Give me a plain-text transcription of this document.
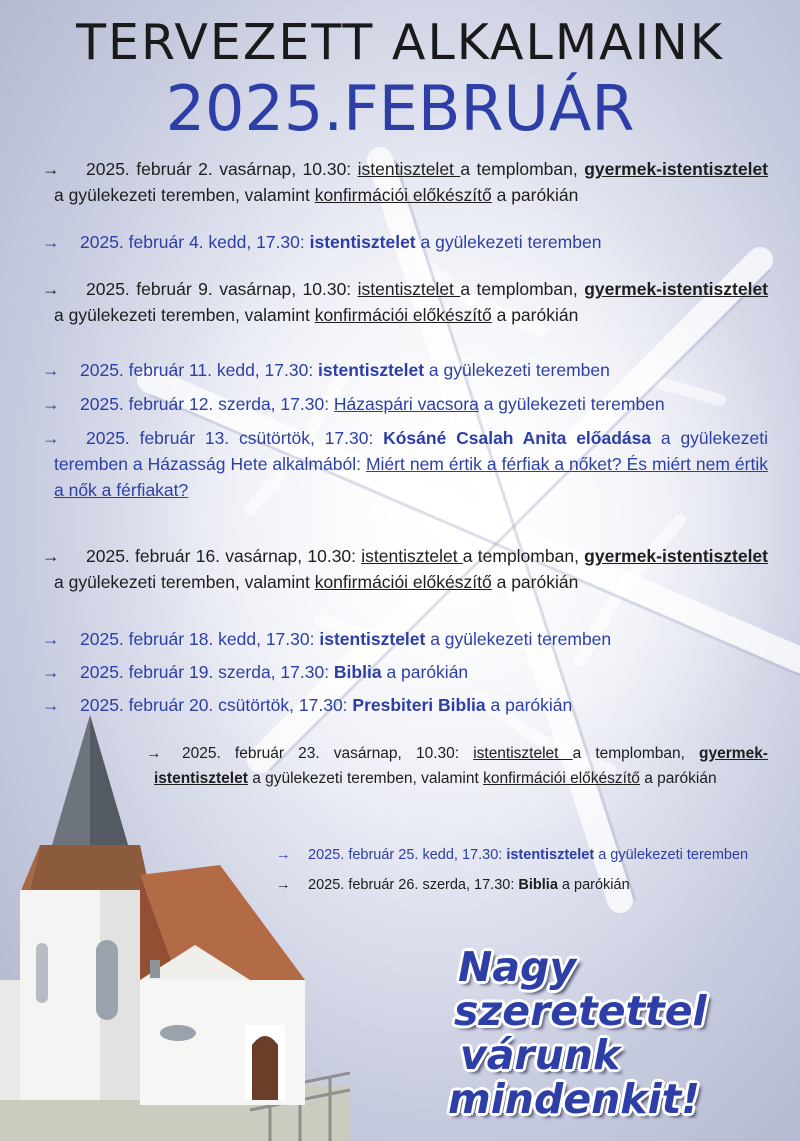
TERVEZETT ALKALMAINK
2025.FEBRUÁR
→ 2025. február 2. vasárnap, 10.30: istentisztelet a templomban, gyermek-istentisztelet a gyülekezeti teremben, valamint konfirmációi előkészítő a parókián
→ 2025. február 4. kedd, 17.30: istentisztelet a gyülekezeti teremben
→ 2025. február 9. vasárnap, 10.30: istentisztelet a templomban, gyermek-istentisztelet a gyülekezeti teremben, valamint konfirmációi előkészítő a parókián
→ 2025. február 11. kedd, 17.30: istentisztelet a gyülekezeti teremben
→ 2025. február 12. szerda, 17.30: Házaspári vacsora a gyülekezeti teremben
→ 2025. február 13. csütörtök, 17.30: Kósáné Csalah Anita előadása a gyülekezeti teremben a Házasság Hete alkalmából: Miért nem értik a férfiak a nőket? És miért nem értik a nők a férfiakat?
→ 2025. február 16. vasárnap, 10.30: istentisztelet a templomban, gyermek-istentisztelet a gyülekezeti teremben, valamint konfirmációi előkészítő a parókián
→ 2025. február 18. kedd, 17.30: istentisztelet a gyülekezeti teremben
→ 2025. február 19. szerda, 17.30: Biblia a parókián
→ 2025. február 20. csütörtök, 17.30: Presbiteri Biblia a parókián
→ 2025. február 23. vasárnap, 10.30: istentisztelet a templomban, gyermek-istentisztelet a gyülekezeti teremben, valamint konfirmációi előkészítő a parókián
→ 2025. február 25. kedd, 17.30: istentisztelet a gyülekezeti teremben
→ 2025. február 26. szerda, 17.30: Biblia a parókián
Nagy
szeretettel
várunk
mindenkit!
